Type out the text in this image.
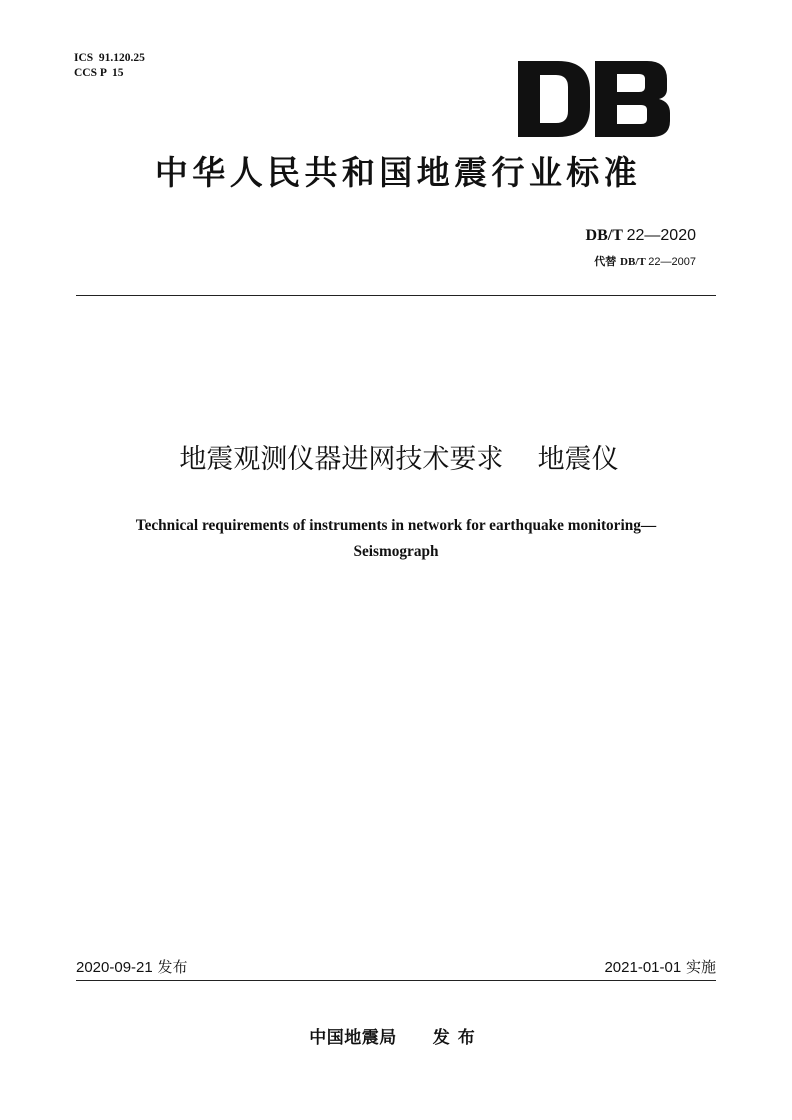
ICS  91.120.25
CCS P  15
中华人民共和国地震行业标准
DB/T 22—2020
代替 DB/T 22—2007
地震观测仪器进网技术要求 地震仪
Technical requirements of instruments in network for earthquake monitoring—
Seismograph
2020-09-21 发布	2021-01-01 实施
中国地震局 发布
